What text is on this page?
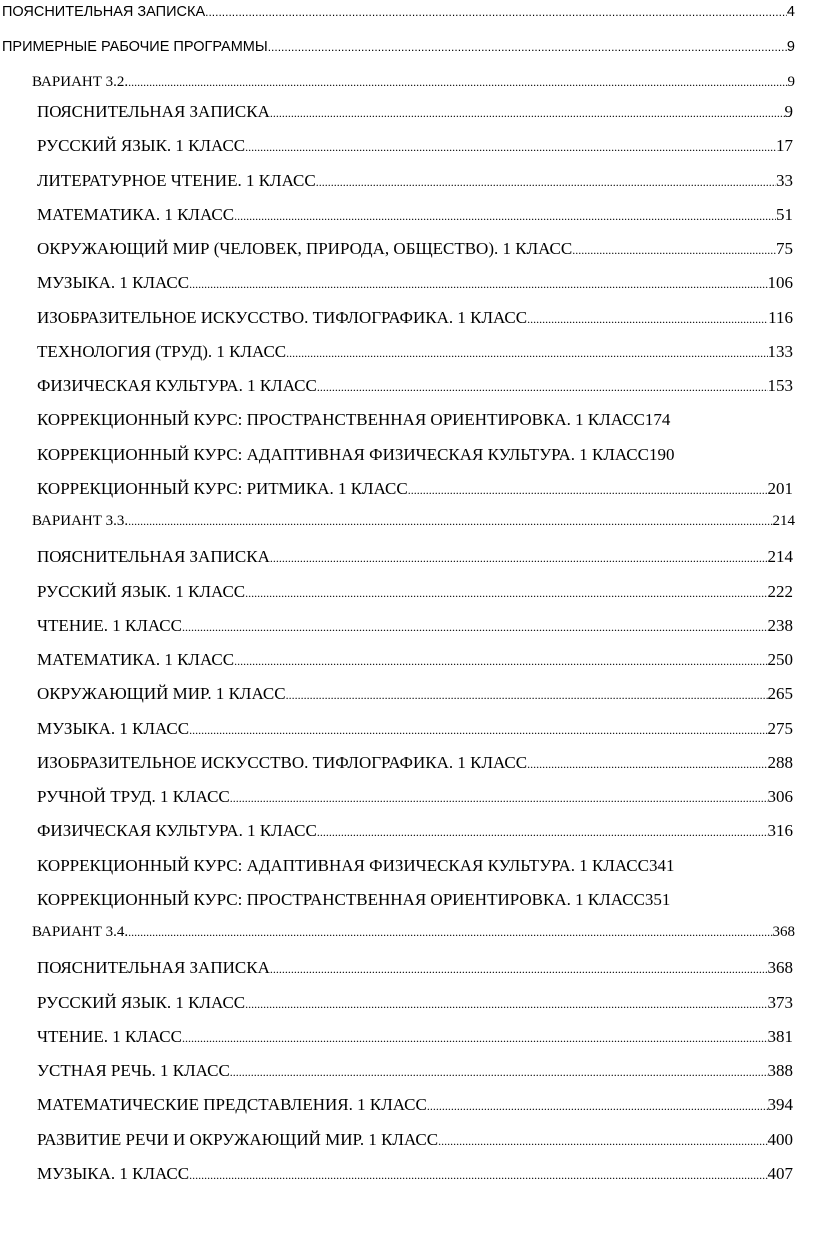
ПОЯСНИТЕЛЬНАЯ ЗАПИСКА .....	4
ПРИМЕРНЫЕ РАБОЧИЕ ПРОГРАММЫ .....	9
ВАРИАНТ 3.2. .....	9
ПОЯСНИТЕЛЬНАЯ ЗАПИСКА .....	9
РУССКИЙ ЯЗЫК. 1 КЛАСС .....	17
ЛИТЕРАТУРНОЕ ЧТЕНИЕ. 1 КЛАСС .....	33
МАТЕМАТИКА. 1 КЛАСС .....	51
ОКРУЖАЮЩИЙ МИР (ЧЕЛОВЕК, ПРИРОДА, ОБЩЕСТВО). 1 КЛАСС .....	75
МУЗЫКА. 1 КЛАСС .....	106
ИЗОБРАЗИТЕЛЬНОЕ ИСКУССТВО. ТИФЛОГРАФИКА. 1 КЛАСС .....	116
ТЕХНОЛОГИЯ (ТРУД). 1 КЛАСС .....	133
ФИЗИЧЕСКАЯ КУЛЬТУРА. 1 КЛАСС .....	153
КОРРЕКЦИОННЫЙ КУРС: ПРОСТРАНСТВЕННАЯ ОРИЕНТИРОВКА. 1 КЛАСС 174
КОРРЕКЦИОННЫЙ КУРС: АДАПТИВНАЯ ФИЗИЧЕСКАЯ КУЛЬТУРА. 1 КЛАСС 190
КОРРЕКЦИОННЫЙ КУРС: РИТМИКА. 1 КЛАСС .....	201
ВАРИАНТ 3.3. .....	214
ПОЯСНИТЕЛЬНАЯ ЗАПИСКА .....	214
РУССКИЙ ЯЗЫК. 1 КЛАСС .....	222
ЧТЕНИЕ. 1 КЛАСС .....	238
МАТЕМАТИКА. 1 КЛАСС .....	250
ОКРУЖАЮЩИЙ МИР. 1 КЛАСС .....	265
МУЗЫКА. 1 КЛАСС .....	275
ИЗОБРАЗИТЕЛЬНОЕ ИСКУССТВО. ТИФЛОГРАФИКА. 1 КЛАСС .....	288
РУЧНОЙ ТРУД. 1 КЛАСС .....	306
ФИЗИЧЕСКАЯ КУЛЬТУРА. 1 КЛАСС .....	316
КОРРЕКЦИОННЫЙ КУРС: АДАПТИВНАЯ ФИЗИЧЕСКАЯ КУЛЬТУРА. 1 КЛАСС 341
КОРРЕКЦИОННЫЙ КУРС: ПРОСТРАНСТВЕННАЯ ОРИЕНТИРОВКА. 1 КЛАСС 351
ВАРИАНТ 3.4. .....	368
ПОЯСНИТЕЛЬНАЯ ЗАПИСКА .....	368
РУССКИЙ ЯЗЫК. 1 КЛАСС .....	373
ЧТЕНИЕ. 1 КЛАСС .....	381
УСТНАЯ РЕЧЬ. 1 КЛАСС .....	388
МАТЕМАТИЧЕСКИЕ ПРЕДСТАВЛЕНИЯ. 1 КЛАСС .....	394
РАЗВИТИЕ РЕЧИ И ОКРУЖАЮЩИЙ МИР. 1 КЛАСС .....	400
МУЗЫКА. 1 КЛАСС .....	407
